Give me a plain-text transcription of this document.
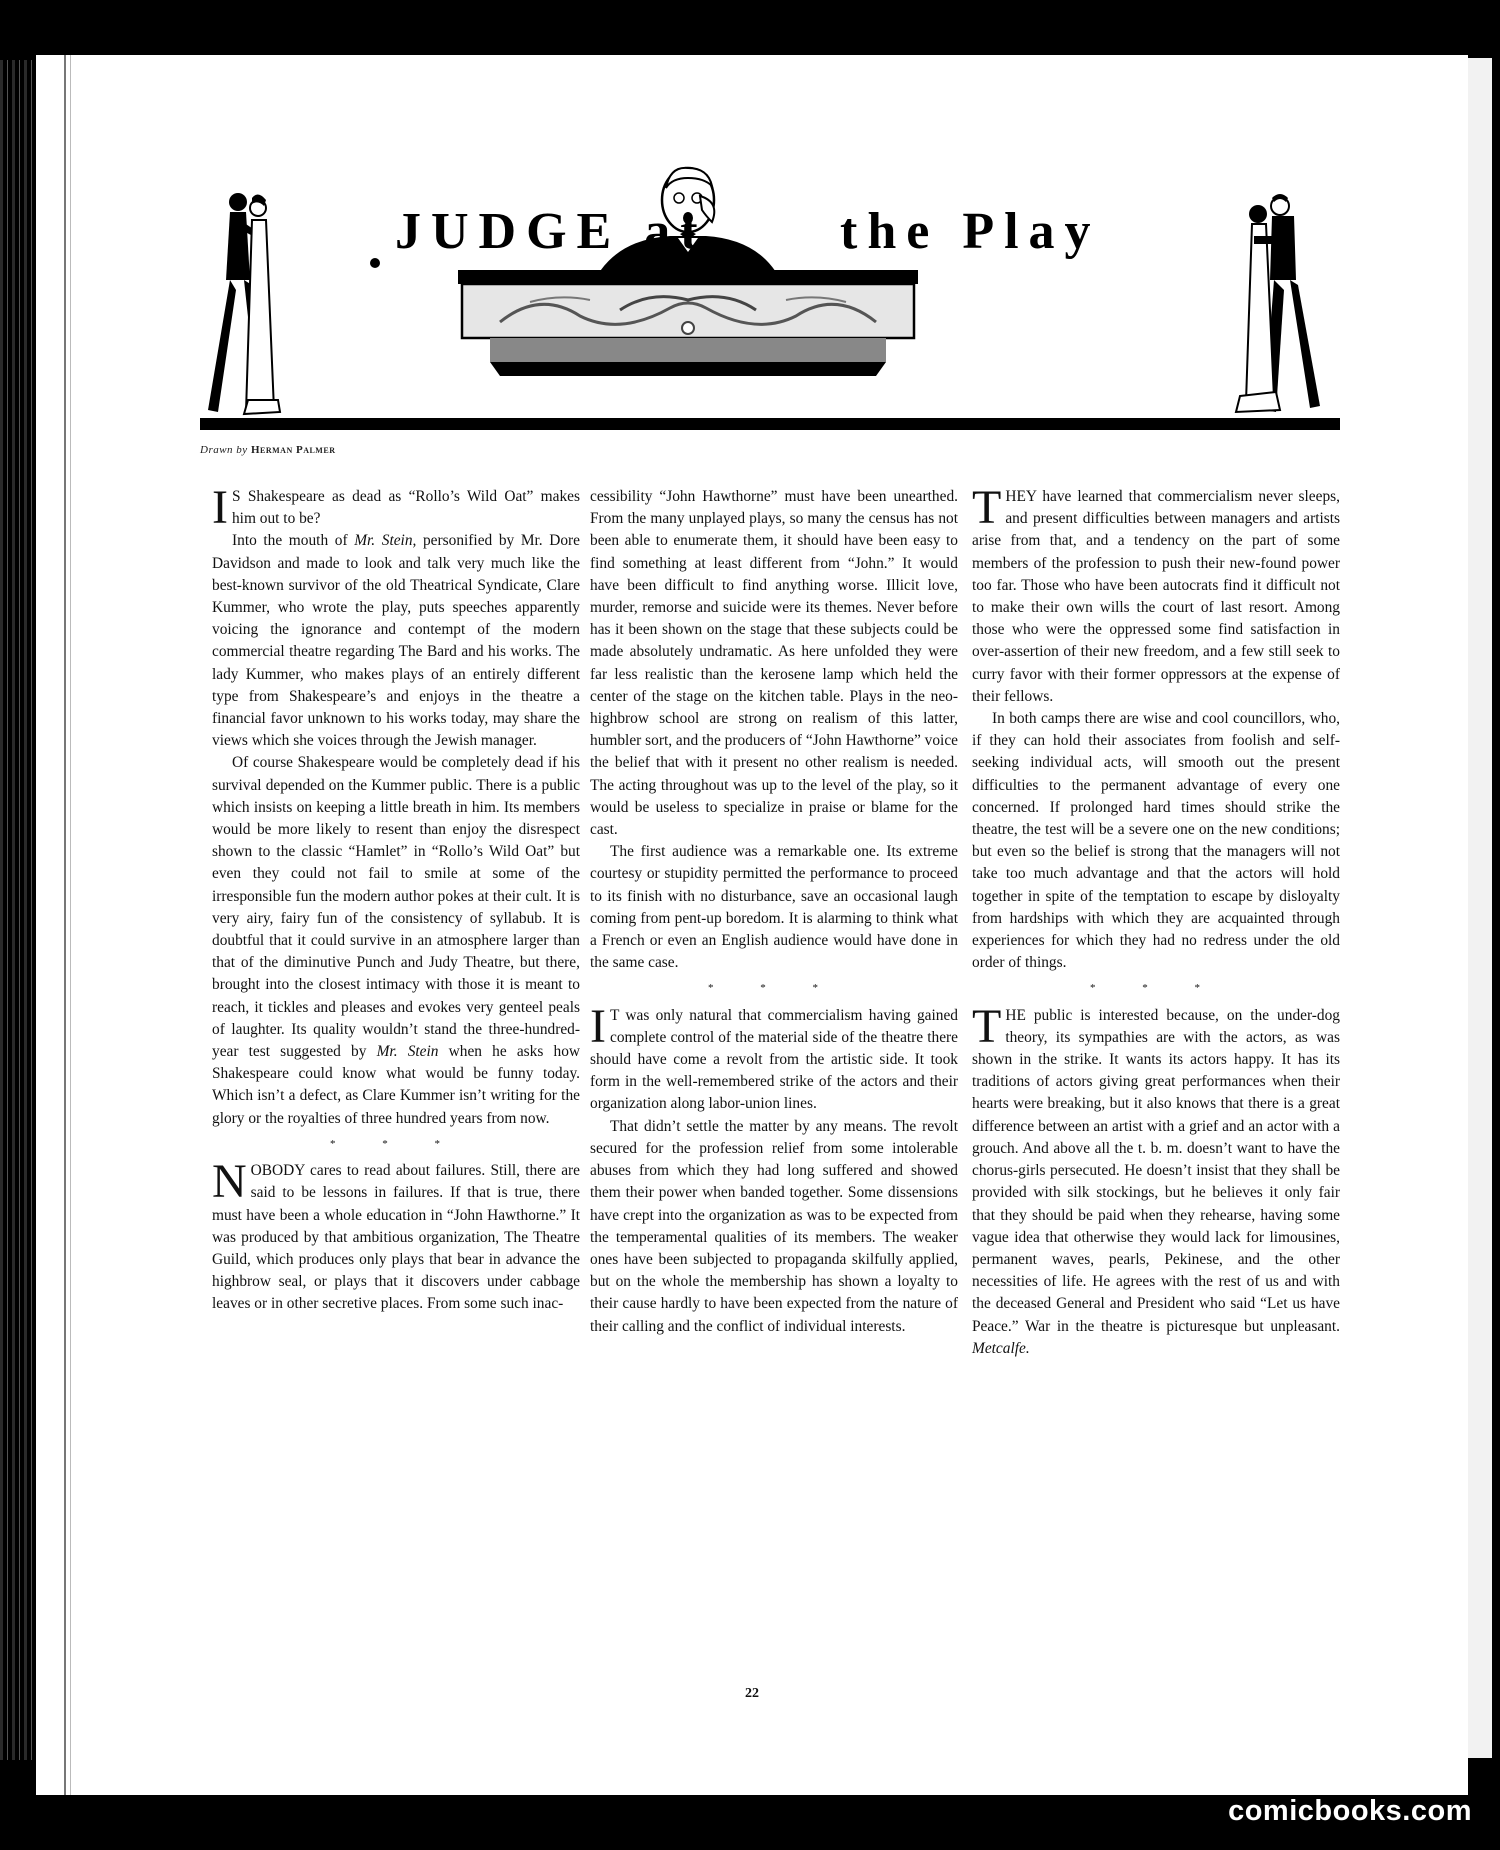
JUDGE at	the Play
Drawn by Herman Palmer

I S Shakespeare as dead as “Rollo’s Wild Oat” makes him out to be?

Into the mouth of Mr. Stein, personified by Mr. Dore Davidson and made to look and talk very much like the best-known survivor of the old Theatrical Syndicate, Clare Kummer, who wrote the play, puts speeches apparently voicing the ignorance and contempt of the modern commercial theatre regarding The Bard and his works. The lady Kummer, who makes plays of an entirely different type from Shakespeare’s and enjoys in the theatre a financial favor unknown to his works today, may share the views which she voices through the Jewish manager.

Of course Shakespeare would be completely dead if his survival depended on the Kummer public. There is a public which insists on keeping a little breath in him. Its members would be more likely to resent than enjoy the disrespect shown to the classic “Hamlet” in “Rollo’s Wild Oat” but even they could not fail to smile at some of the irresponsible fun the modern author pokes at their cult. It is very airy, fairy fun of the consistency of syllabub. It is doubtful that it could survive in an atmosphere larger than that of the diminutive Punch and Judy Theatre, but there, brought into the closest intimacy with those it is meant to reach, it tickles and pleases and evokes very genteel peals of laughter. Its quality wouldn’t stand the three-hundred-year test suggested by Mr. Stein when he asks how Shakespeare could know what would be funny today. Which isn’t a defect, as Clare Kummer isn’t writing for the glory or the royalties of three hundred years from now.

* * *

NOBODY cares to read about failures. Still, there are said to be lessons in failures. If that is true, there must have been a whole education in “John Hawthorne.” It was produced by that ambitious organization, The Theatre Guild, which produces only plays that bear in advance the highbrow seal, or plays that it discovers under cabbage leaves or in other secretive places. From some such inac-

cessibility “John Hawthorne” must have been unearthed. From the many unplayed plays, so many the census has not been able to enumerate them, it should have been easy to find something at least different from “John.” It would have been difficult to find anything worse. Illicit love, murder, remorse and suicide were its themes. Never before has it been shown on the stage that these subjects could be made absolutely undramatic. As here unfolded they were far less realistic than the kerosene lamp which held the center of the stage on the kitchen table. Plays in the neo-highbrow school are strong on realism of this latter, humbler sort, and the producers of “John Hawthorne” voice the belief that with it present no other realism is needed. The acting throughout was up to the level of the play, so it would be useless to specialize in praise or blame for the cast.

The first audience was a remarkable one. Its extreme courtesy or stupidity permitted the performance to proceed to its finish with no disturbance, save an occasional laugh coming from pent-up boredom. It is alarming to think what a French or even an English audience would have done in the same case.

* * *

I T was only natural that commercialism having gained complete control of the material side of the theatre there should have come a revolt from the artistic side. It took form in the well-remembered strike of the actors and their organization along labor-union lines.

That didn’t settle the matter by any means. The revolt secured for the profession relief from some intolerable abuses from which they had long suffered and showed them their power when banded together. Some dissensions have crept into the organization as was to be expected from the temperamental qualities of its members. The weaker ones have been subjected to propaganda skilfully applied, but on the whole the membership has shown a loyalty to their cause hardly to have been expected from the nature of their calling and the conflict of individual interests.

THEY have learned that commercialism never sleeps, and present difficulties between managers and artists arise from that, and a tendency on the part of some members of the profession to push their new-found power too far. Those who have been autocrats find it difficult not to make their own wills the court of last resort. Among those who were the oppressed some find satisfaction in over-assertion of their new freedom, and a few still seek to curry favor with their former oppressors at the expense of their fellows.

In both camps there are wise and cool councillors, who, if they can hold their associates from foolish and self-seeking individual acts, will smooth out the present difficulties to the permanent advantage of every one concerned. If prolonged hard times should strike the theatre, the test will be a severe one on the new conditions; but even so the belief is strong that the managers will not take too much advantage and that the actors will hold together in spite of the temptation to escape by disloyalty from hardships with which they are acquainted through experiences for which they had no redress under the old order of things.

* * *

THE public is interested because, on the under-dog theory, its sympathies are with the actors, as was shown in the strike. It wants its actors happy. It has its traditions of actors giving great performances when their hearts were breaking, but it also knows that there is a great difference between an artist with a grief and an actor with a grouch. And above all the t. b. m. doesn’t want to have the chorus-girls persecuted. He doesn’t insist that they shall be provided with silk stockings, but he believes it only fair that they should be paid when they rehearse, having some vague idea that otherwise they would lack for limousines, permanent waves, pearls, Pekinese, and the other necessities of life. He agrees with the rest of us and with the deceased General and President who said “Let us have Peace.” War in the theatre is picturesque but unpleasant. Metcalfe.

22
comicbooks.com
